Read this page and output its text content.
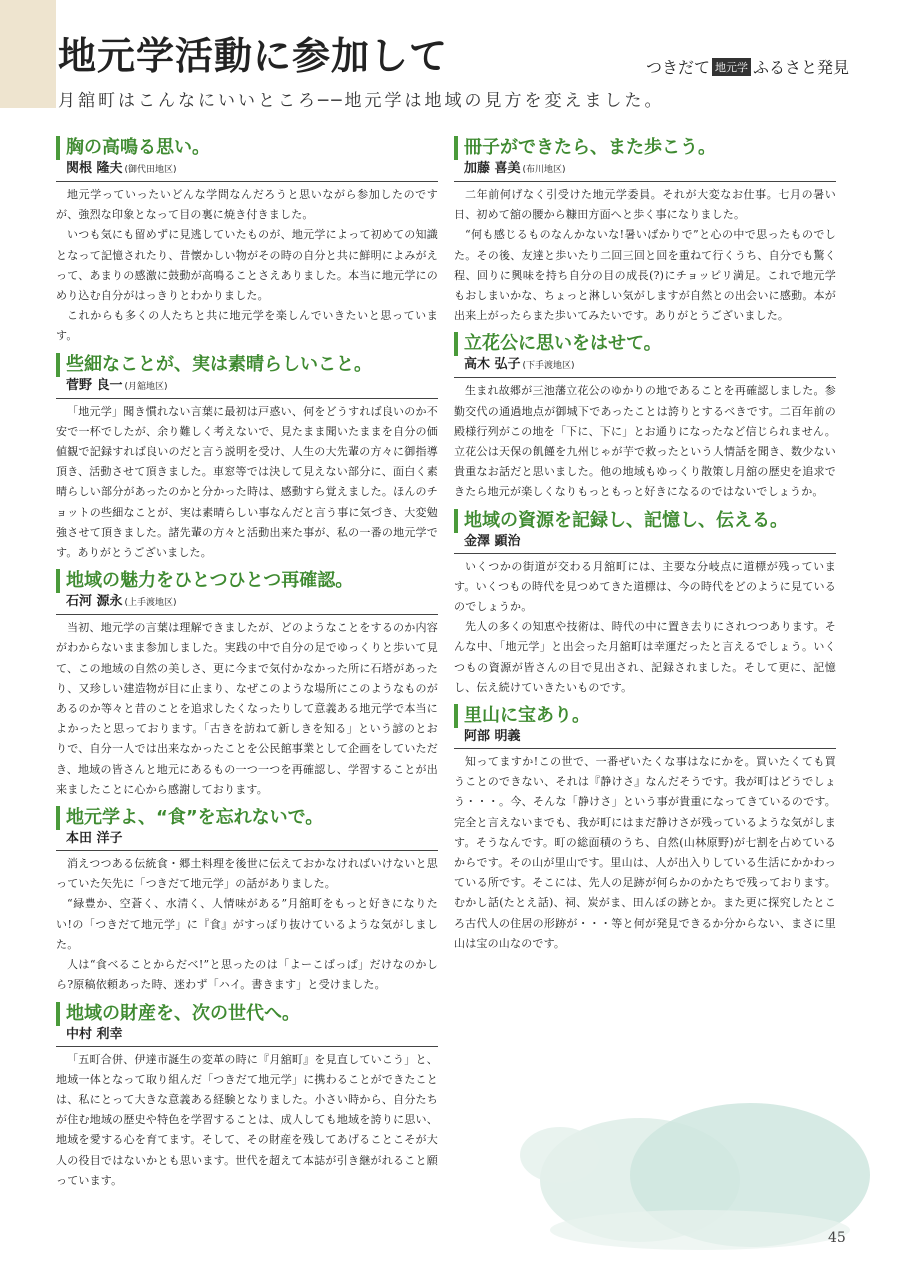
地元学活動に参加して	つきだて 地元学 ふるさと発見
月舘町はこんなにいいところ──地元学は地域の見方を変えました。
胸の高鳴る思い。
関根 隆夫 (御代田地区)

地元学っていったいどんな学問なんだろうと思いながら参加したのですが、強烈な印象となって目の裏に焼き付きました。

いつも気にも留めずに見逃していたものが、地元学によって初めての知識となって記憶されたり、昔懐かしい物がその時の自分と共に鮮明によみがえって、あまりの感激に鼓動が高鳴ることさえありました。本当に地元学にのめり込む自分がはっきりとわかりました。

これからも多くの人たちと共に地元学を楽しんでいきたいと思っています。

些細なことが、実は素晴らしいこと。
菅野 良一 (月舘地区)

「地元学」聞き慣れない言葉に最初は戸惑い、何をどうすれば良いのか不安で一杯でしたが、余り難しく考えないで、見たまま聞いたままを自分の価値観で記録すれば良いのだと言う説明を受け、人生の大先輩の方々に御指導頂き、活動させて頂きました。車窓等では決して見えない部分に、面白く素晴らしい部分があったのかと分かった時は、感動すら覚えました。ほんのチョットの些細なことが、実は素晴らしい事なんだと言う事に気づき、大変勉強させて頂きました。諸先輩の方々と活動出来た事が、私の一番の地元学です。ありがとうございました。

地域の魅力をひとつひとつ再確認。
石河 源永 (上手渡地区)

当初、地元学の言葉は理解できましたが、どのようなことをするのか内容がわからないまま参加しました。実践の中で自分の足でゆっくりと歩いて見て、この地域の自然の美しさ、更に今まで気付かなかった所に石塔があったり、又珍しい建造物が目に止まり、なぜこのような場所にこのようなものがあるのか等々と昔のことを追求したくなったりして意義ある地元学で本当によかったと思っております。「古きを訪ねて新しきを知る」という諺のとおりで、自分一人では出来なかったことを公民館事業として企画をしていただき、地域の皆さんと地元にあるもの一つ一つを再確認し、学習することが出来ましたことに心から感謝しております。

地元学よ、“食”を忘れないで。
本田 洋子

消えつつある伝統食・郷土料理を後世に伝えておかなければいけないと思っていた矢先に「つきだて地元学」の話がありました。

“緑豊か、空蒼く、水清く、人情味がある”月舘町をもっと好きになりたい!の「つきだて地元学」に『食』がすっぽり抜けているような気がしました。

人は“食べることからだべ!”と思ったのは「よーこばっぱ」だけなのかしら?原稿依頼あった時、迷わず「ハイ。書きます」と受けました。

地域の財産を、次の世代へ。
中村 利幸

「五町合併、伊達市誕生の変革の時に『月舘町』を見直していこう」と、地域一体となって取り組んだ「つきだて地元学」に携わることができたことは、私にとって大きな意義ある経験となりました。小さい時から、自分たちが住む地域の歴史や特色を学習することは、成人しても地域を誇りに思い、地域を愛する心を育てます。そして、その財産を残してあげることこそが大人の役目ではないかとも思います。世代を超えて本誌が引き継がれること願っています。

冊子ができたら、また歩こう。
加藤 喜美 (布川地区)

二年前何げなく引受けた地元学委員。それが大変なお仕事。七月の暑い日、初めて舘の腰から糠田方面へと歩く事になりました。

“何も感じるものなんかないな!暑いばかりで”と心の中で思ったものでした。その後、友達と歩いたり二回三回と回を重ねて行くうち、自分でも驚く程、回りに興味を持ち自分の目の成長(?)にチョッピリ満足。これで地元学もおしまいかな、ちょっと淋しい気がしますが自然との出会いに感動。本が出来上がったらまた歩いてみたいです。ありがとうございました。

立花公に思いをはせて。
高木 弘子 (下手渡地区)

生まれ故郷が三池藩立花公のゆかりの地であることを再確認しました。参勤交代の通過地点が御城下であったことは誇りとするべきです。二百年前の殿様行列がこの地を「下に、下に」とお通りになったなど信じられません。立花公は天保の飢饉を九州じゃが芋で救ったという人情話を聞き、数少ない貴重なお話だと思いました。他の地域もゆっくり散策し月舘の歴史を追求できたら地元が楽しくなりもっともっと好きになるのではないでしょうか。

地域の資源を記録し、記憶し、伝える。
金澤 顕治

いくつかの街道が交わる月舘町には、主要な分岐点に道標が残っています。いくつもの時代を見つめてきた道標は、今の時代をどのように見ているのでしょうか。

先人の多くの知恵や技術は、時代の中に置き去りにされつつあります。そんな中、「地元学」と出会った月舘町は幸運だったと言えるでしょう。いくつもの資源が皆さんの目で見出され、記録されました。そして更に、記憶し、伝え続けていきたいものです。

里山に宝あり。
阿部 明義

知ってますか!この世で、一番ぜいたくな事はなにかを。買いたくても買うことのできない、それは『静けさ』なんだそうです。我が町はどうでしょう・・・。今、そんな「静けさ」という事が貴重になってきているのです。完全と言えないまでも、我が町にはまだ静けさが残っているような気がします。そうなんです。町の総面積のうち、自然(山林原野)が七割を占めているからです。その山が里山です。里山は、人が出入りしている生活にかかわっている所です。そこには、先人の足跡が何らかのかたちで残っております。むかし話(たとえ話)、祠、炭がま、田んぼの跡とか。また更に探究したところ古代人の住居の形跡が・・・等と何が発見できるか分からない、まさに里山は宝の山なのです。

45
